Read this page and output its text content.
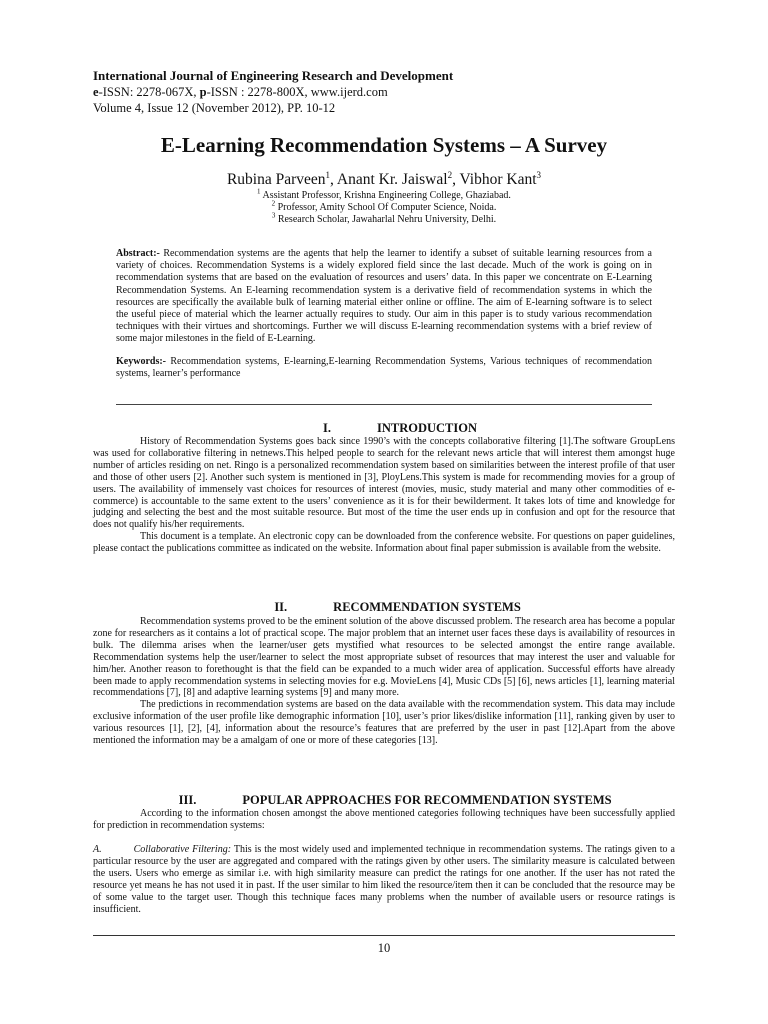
International Journal of Engineering Research and Development
e-ISSN: 2278-067X, p-ISSN : 2278-800X, www.ijerd.com
Volume 4, Issue 12 (November 2012), PP. 10-12
E-Learning Recommendation Systems – A Survey
Rubina Parveen$^1$, Anant Kr. Jaiswal$^2$, Vibhor Kant$^3$
$^1$ Assistant Professor, Krishna Engineering College, Ghaziabad.
$^2$ Professor, Amity School Of Computer Science, Noida.
$^3$ Research Scholar, Jawaharlal Nehru University, Delhi.

Abstract:- Recommendation systems are the agents that help the learner to identify a subset of suitable learning resources from a variety of choices. Recommendation Systems is a widely explored field since the last decade. Much of the work is going on in recommendation systems that are based on the evaluation of resources and users’ data. In this paper we concentrate on E-Learning Recommendation Systems. An E-learning recommendation system is a derivative field of recommendation systems in which the resources are specifically the available bulk of learning material either online or offline. The aim of E-learning software is to select the useful piece of material which the learner actually requires to study. Our aim in this paper is to study various recommendation techniques with their virtues and shortcomings. Further we will discuss E-learning recommendation systems with a brief review of some major milestones in the field of E-Learning.

Keywords:- Recommendation systems, E-learning,E-learning Recommendation Systems, Various techniques of recommendation systems, learner’s performance

I.	INTRODUCTION

History of Recommendation Systems goes back since 1990’s with the concepts collaborative filtering [1].The software GroupLens was used for collaborative filtering in netnews.This helped people to search for the relevant news article that will interest them amongst huge number of articles residing on net. Ringo is a personalized recommendation system based on similarities between the interest profile of that user and those of other users [2]. Another such system is mentioned in [3], PloyLens.This system is made for recommending movies for a group of users. The availability of immensely vast choices for resources of interest (movies, music, study material and many other commodities of e-commerce) is accountable to the same extent to the users’ convenience as it is for their bewilderment. It takes lots of time and knowledge for judging and selecting the best and the most suitable resource. But most of the time the user ends up in confusion and opt for the resource that does not qualify his/her requirements.

This document is a template. An electronic copy can be downloaded from the conference website. For questions on paper guidelines, please contact the publications committee as indicated on the website. Information about final paper submission is available from the website.

II.	RECOMMENDATION SYSTEMS

Recommendation systems proved to be the eminent solution of the above discussed problem. The research area has become a popular zone for researchers as it contains a lot of practical scope. The major problem that an internet user faces these days is availability of resources in bulk. The dilemma arises when the learner/user gets mystified what resources to be selected amongst the entire range available. Recommendation systems help the user/learner to select the most appropriate subset of resources that may interest the user and valuable for him/her. Another reason to forethought is that the field can be expanded to a much wider area of application. Successful efforts have already been made to apply recommendation systems in selecting movies for e.g. MovieLens [4], Music CDs [5] [6], news articles [1], learning material recommendations [7], [8] and adaptive learning systems [9] and many more.

The predictions in recommendation systems are based on the data available with the recommendation system. This data may include exclusive information of the user profile like demographic information [10], user’s prior likes/dislike information [11], ranking given by user to various resources [1], [2], [4], information about the resource’s features that are preferred by the user in past [12].Apart from the above mentioned the information may be a amalgam of one or more of these categories [13].

III.	POPULAR APPROACHES FOR RECOMMENDATION SYSTEMS

According to the information chosen amongst the above mentioned categories following techniques have been successfully applied for prediction in recommendation systems:

A.	Collaborative Filtering: This is the most widely used and implemented technique in recommendation systems. The ratings given to a particular resource by the user are aggregated and compared with the ratings given by other users. The similarity measure is calculated between the users. Users who emerge as similar i.e. with high similarity measure can predict the ratings for one another. If the user has not rated the resource yet means he has not used it in past. If the user similar to him liked the resource/item then it can be concluded that the resource may be of some value to the target user. Though this technique faces many problems when the number of available users or resource ratings is insufficient.

10
